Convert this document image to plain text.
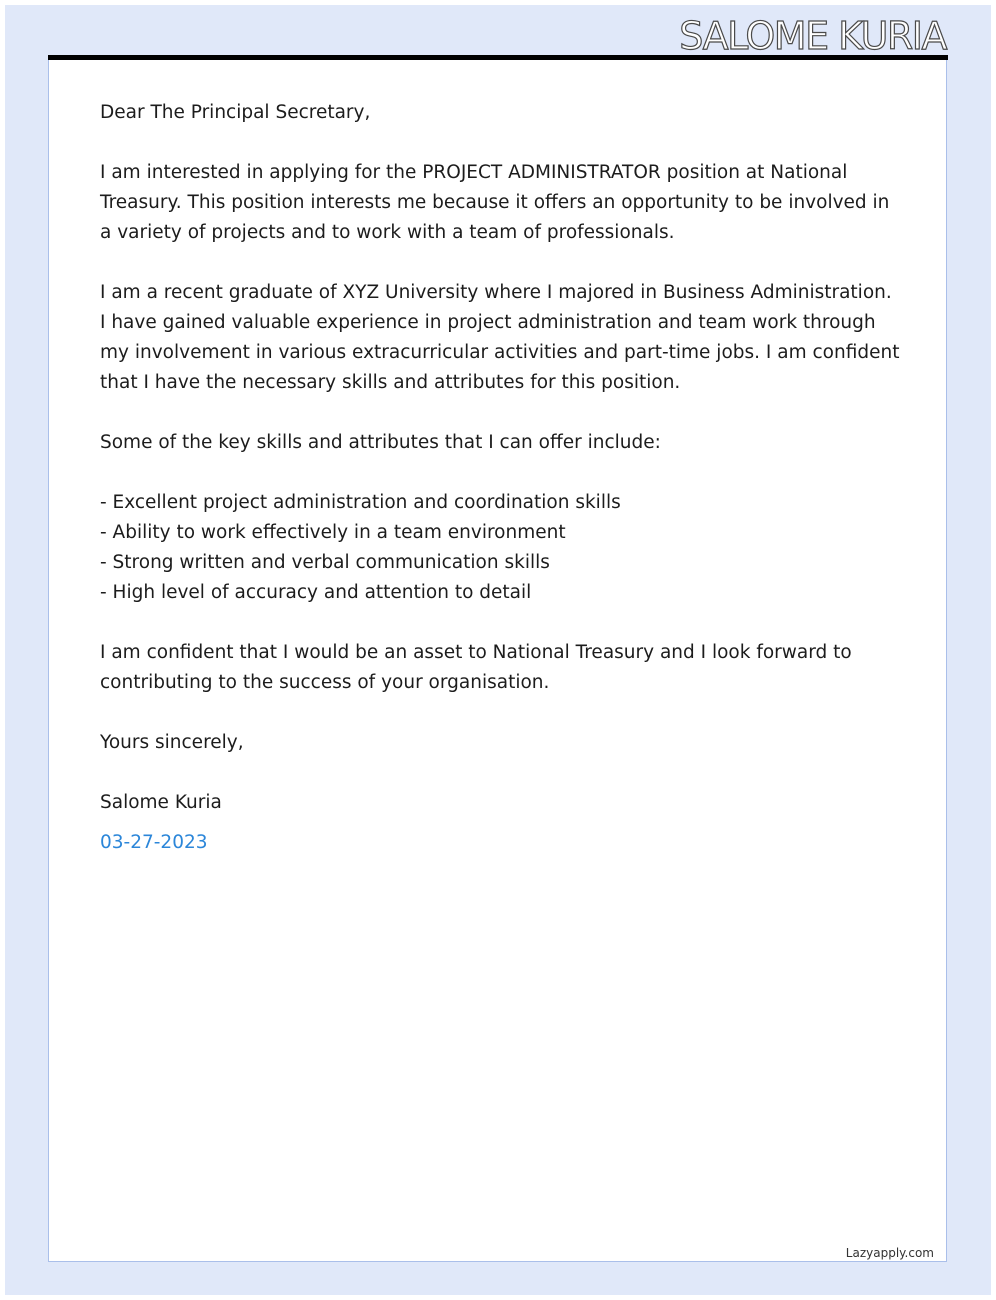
SALOME KURIA

Dear The Principal Secretary,

I am interested in applying for the PROJECT ADMINISTRATOR position at National Treasury. This position interests me because it offers an opportunity to be involved in a variety of projects and to work with a team of professionals.

I am a recent graduate of XYZ University where I majored in Business Administration. I have gained valuable experience in project administration and team work through my involvement in various extracurricular activities and part-time jobs. I am confident that I have the necessary skills and attributes for this position.

Some of the key skills and attributes that I can offer include:

- Excellent project administration and coordination skills
- Ability to work effectively in a team environment
- Strong written and verbal communication skills
- High level of accuracy and attention to detail

I am confident that I would be an asset to National Treasury and I look forward to contributing to the success of your organisation.

Yours sincerely,

Salome Kuria

03-27-2023
Lazyapply.com
